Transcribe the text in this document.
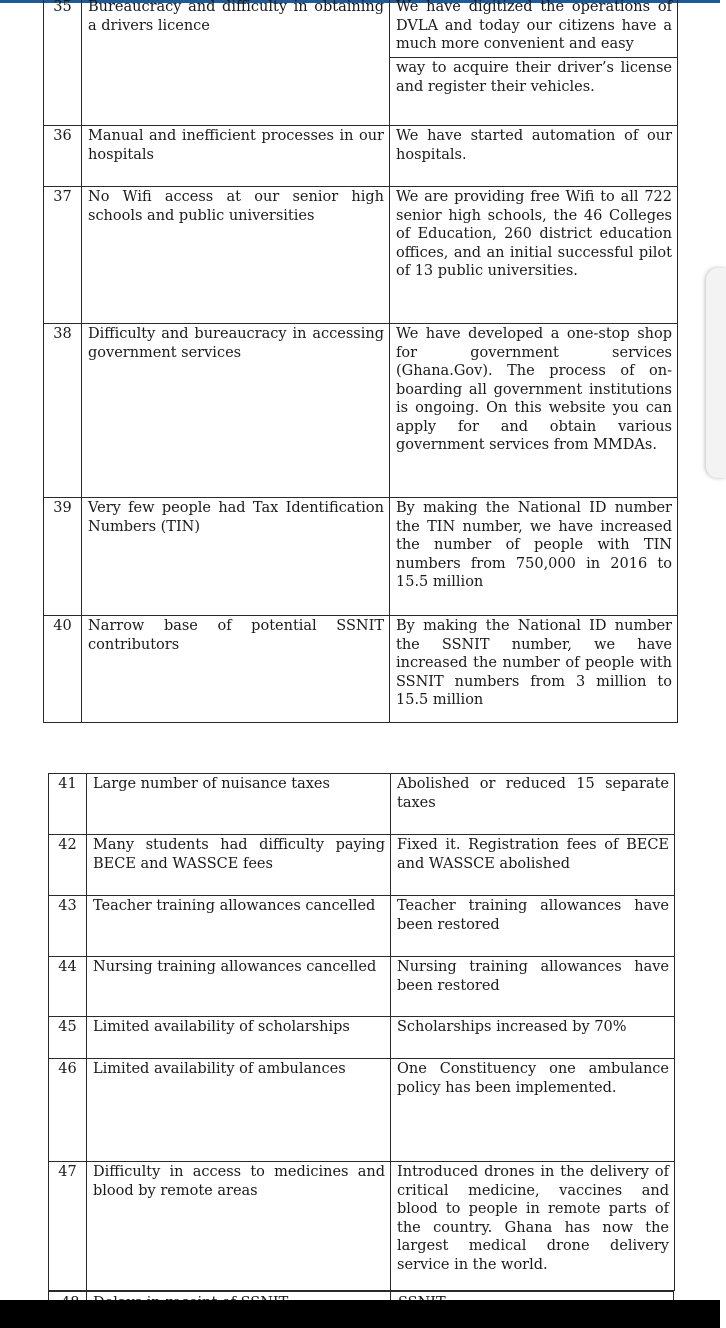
35	Bureaucracy and difficulty in obtaining a drivers licence	We have digitized the operations of DVLA and today our citizens have a much more convenient and easy
way to acquire their driver’s license and register their vehicles.

36	Manual and inefficient processes in our hospitals	We have started automation of our hospitals.
37	No Wifi access at our senior high schools and public universities	We are providing free Wifi to all 722 senior high schools, the 46 Colleges of Education, 260 district education offices, and an initial successful pilot of 13 public universities.
38	Difficulty and bureaucracy in accessing government services	We have developed a one-stop shop for government services (Ghana.Gov). The process of on-boarding all government institutions is ongoing. On this website you can apply for and obtain various government services from MMDAs.
39	Very few people had Tax Identification Numbers (TIN)	By making the National ID number the TIN number, we have increased the number of people with TIN numbers from 750,000 in 2016 to 15.5 million
40	Narrow base of potential SSNIT contributors	By making the National ID number the SSNIT number, we have increased the number of people with SSNIT numbers from 3 million to 15.5 million
41	Large number of nuisance taxes	Abolished or reduced 15 separate taxes
42	Many students had difficulty paying BECE and WASSCE fees	Fixed it. Registration fees of BECE and WASSCE abolished
43	Teacher training allowances cancelled	Teacher training allowances have been restored
44	Nursing training allowances cancelled	Nursing training allowances have been restored
45	Limited availability of scholarships	Scholarships increased by 70%
46	Limited availability of ambulances	One Constituency one ambulance policy has been implemented.
47	Difficulty in access to medicines and blood by remote areas	Introduced drones in the delivery of critical medicine, vaccines and blood to people in remote parts of the country. Ghana has now the largest medical drone delivery service in the world.
